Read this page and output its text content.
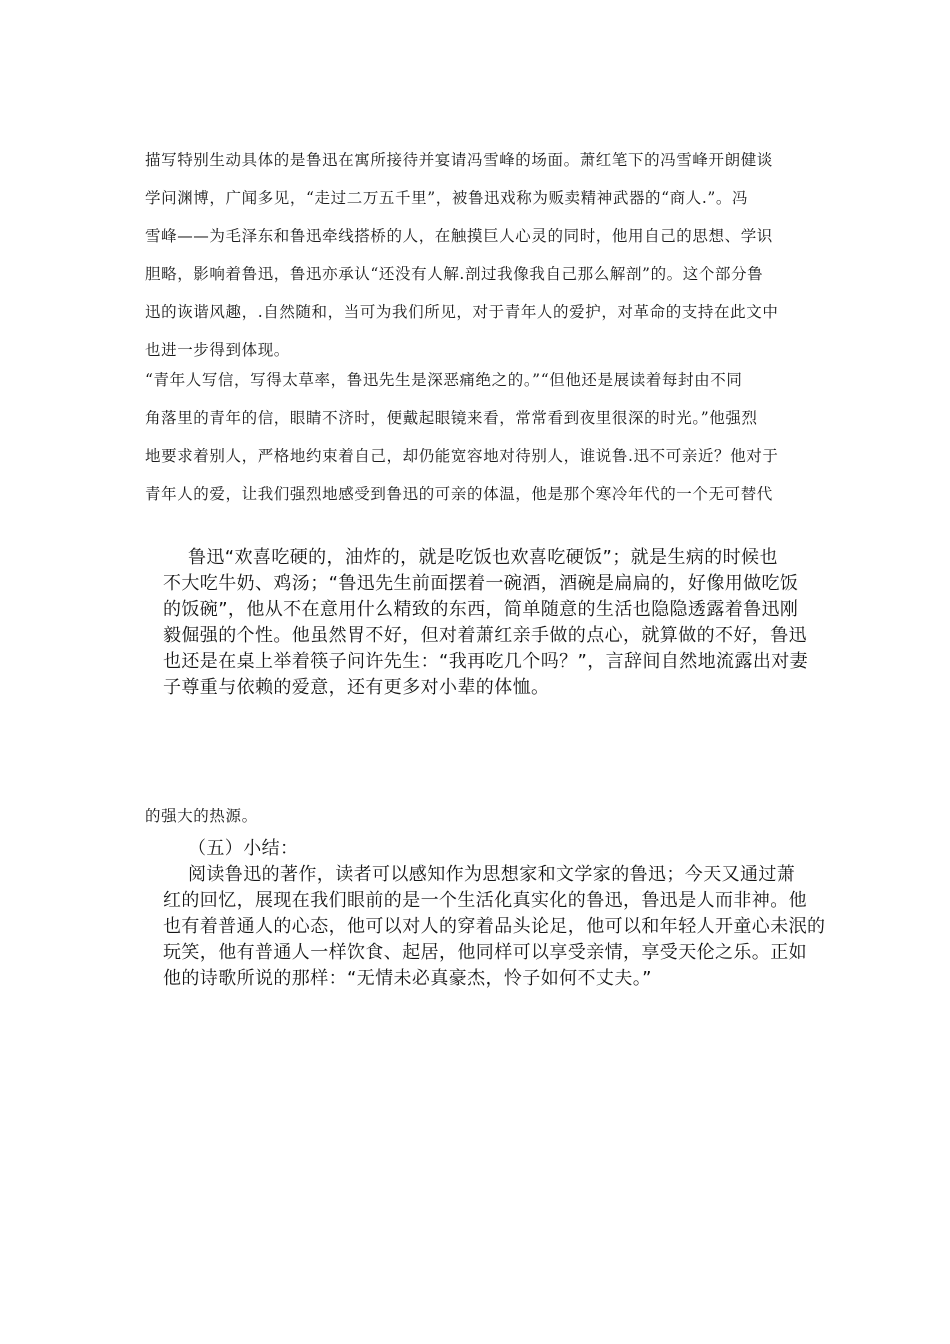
描写特别生动具体的是鲁迅在寓所接待并宴请冯雪峰的场面。萧红笔下的冯雪峰开朗健谈
学问渊博，广闻多见，“走过二万五千里”，被鲁迅戏称为贩卖精神武器的“商人.”。冯
雪峰——为毛泽东和鲁迅牵线搭桥的人，在触摸巨人心灵的同时，他用自己的思想、学识
胆略，影响着鲁迅，鲁迅亦承认“还没有人解.剖过我像我自己那么解剖”的。这个部分鲁
迅的诙谐风趣，.自然随和，当可为我们所见，对于青年人的爱护，对革命的支持在此文中
也进一步得到体现。
“青年人写信，写得太草率，鲁迅先生是深恶痛绝之的。”“但他还是展读着每封由不同
角落里的青年的信，眼睛不济时，便戴起眼镜来看，常常看到夜里很深的时光。”他强烈
地要求着别人，严格地约束着自己，却仍能宽容地对待别人，谁说鲁.迅不可亲近？他对于
青年人的爱，让我们强烈地感受到鲁迅的可亲的体温，他是那个寒冷年代的一个无可替代
鲁迅“欢喜吃硬的，油炸的，就是吃饭也欢喜吃硬饭”；就是生病的时候也
不大吃牛奶、鸡汤；“鲁迅先生前面摆着一碗酒，酒碗是扁扁的，好像用做吃饭
的饭碗”，他从不在意用什么精致的东西，简单随意的生活也隐隐透露着鲁迅刚
毅倔强的个性。他虽然胃不好，但对着萧红亲手做的点心，就算做的不好，鲁迅
也还是在桌上举着筷子问许先生：“我再吃几个吗？”，言辞间自然地流露出对妻
子尊重与依赖的爱意，还有更多对小辈的体恤。
的强大的热源。
（五）小结：
阅读鲁迅的著作，读者可以感知作为思想家和文学家的鲁迅；今天又通过萧
红的回忆，展现在我们眼前的是一个生活化真实化的鲁迅，鲁迅是人而非神。他
也有着普通人的心态，他可以对人的穿着品头论足，他可以和年轻人开童心未泯的
玩笑，他有普通人一样饮食、起居，他同样可以享受亲情，享受天伦之乐。正如
他的诗歌所说的那样：“无情未必真豪杰，怜子如何不丈夫。”
